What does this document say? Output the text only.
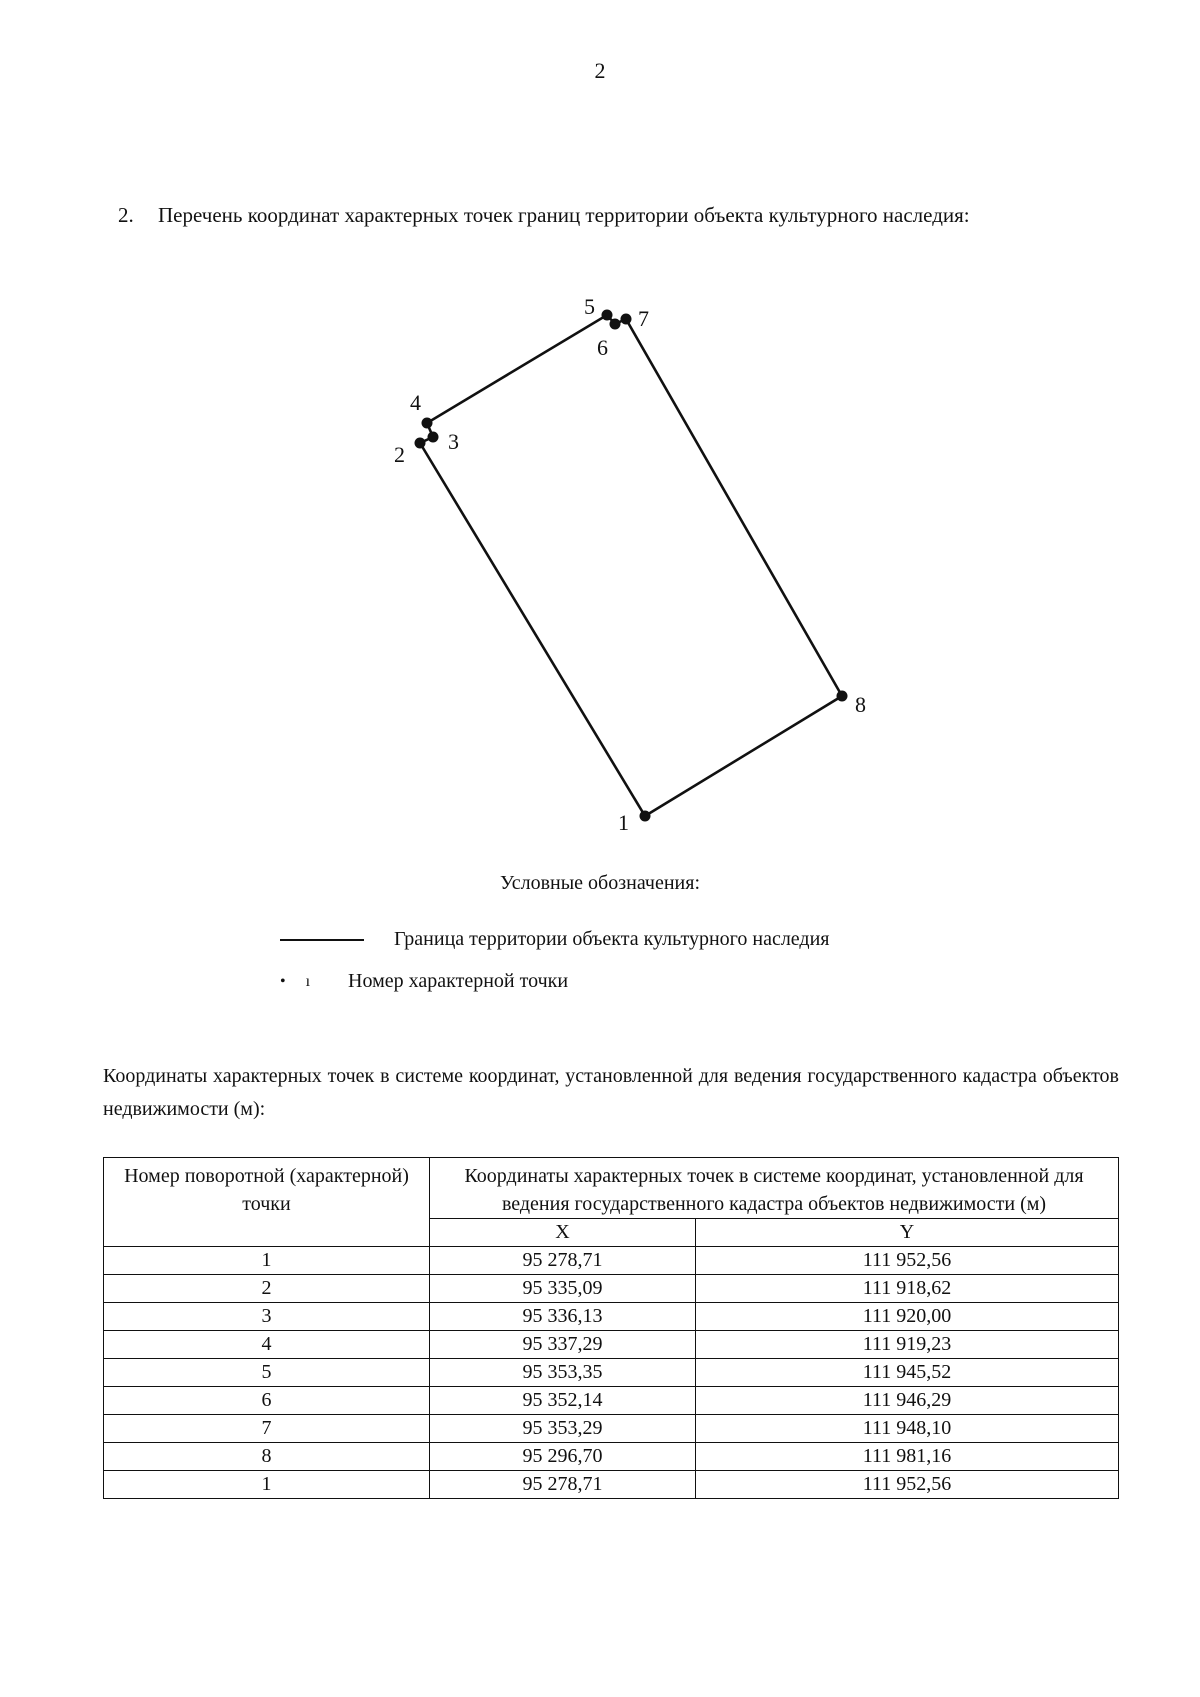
2
2. Перечень координат характерных точек границ территории объекта культурного наследия:
1
2
3
4
5
6
7
8
Условные обозначения:
Граница территории объекта культурного наследия
• ı Номер характерной точки
Координаты характерных точек в системе координат, установленной для ведения государственного кадастра объектов недвижимости (м):
Номер поворотной (характерной) точки	Координаты характерных точек в системе координат, установленной для ведения государственного кадастра объектов недвижимости (м)	
	X	Y
1	95 278,71	111 952,56
2	95 335,09	111 918,62
3	95 336,13	111 920,00
4	95 337,29	111 919,23
5	95 353,35	111 945,52
6	95 352,14	111 946,29
7	95 353,29	111 948,10
8	95 296,70	111 981,16
1	95 278,71	111 952,56
